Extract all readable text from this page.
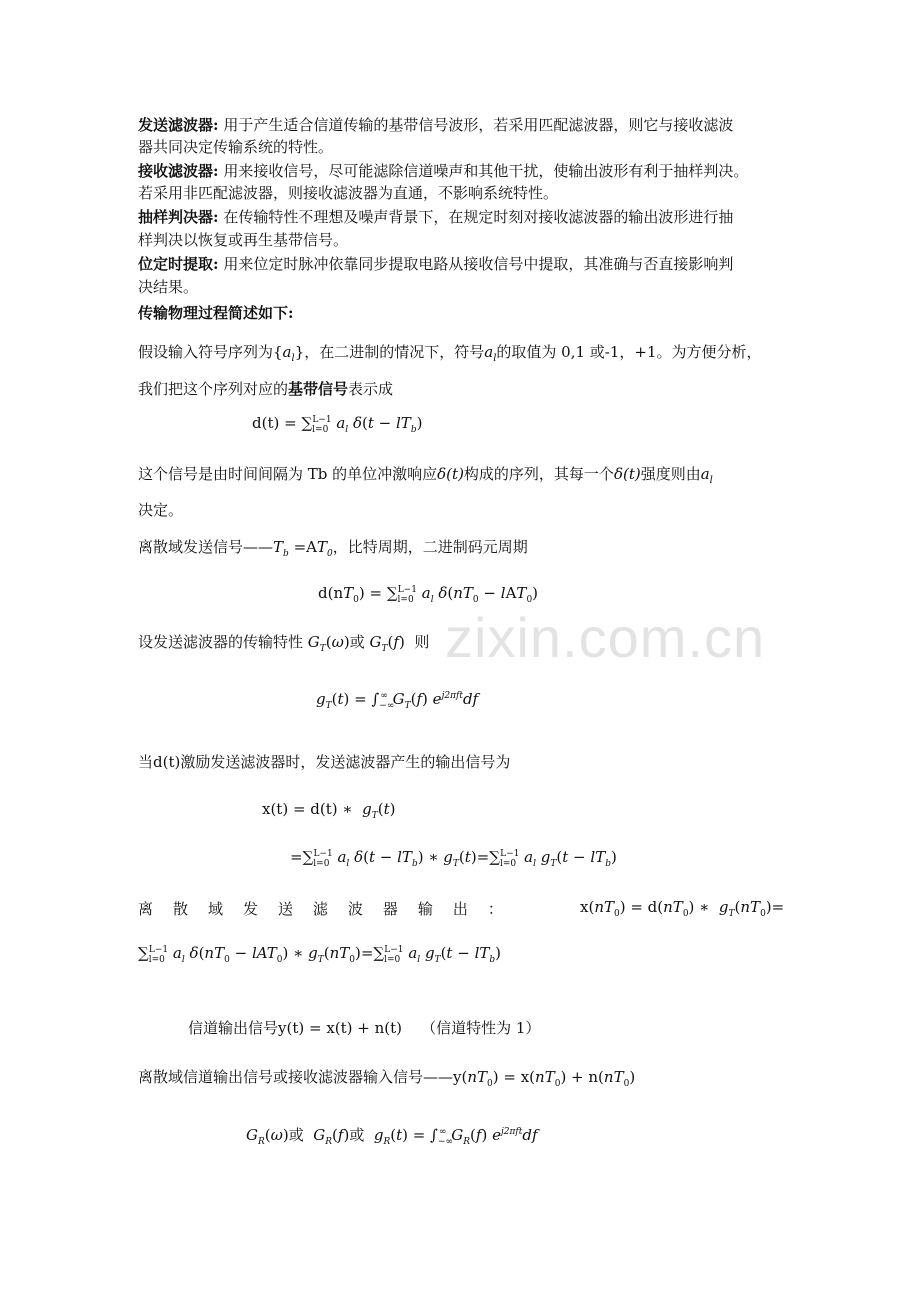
zixin.com.cn
发送滤波器: 用于产生适合信道传输的基带信号波形，若采用匹配滤波器，则它与接收滤波
器共同决定传输系统的特性。
接收滤波器: 用来接收信号，尽可能滤除信道噪声和其他干扰，使输出波形有利于抽样判决。
若采用非匹配滤波器，则接收滤波器为直通，不影响系统特性。
抽样判决器: 在传输特性不理想及噪声背景下，在规定时刻对接收滤波器的输出波形进行抽
样判决以恢复或再生基带信号。
位定时提取: 用来位定时脉冲依靠同步提取电路从接收信号中提取，其准确与否直接影响判
决结果。
传输物理过程简述如下:
假设输入符号序列为$\{a_l\}$，在二进制的情况下，符号$a_l$的取值为 0,1 或-1，+1。为方便分析，
我们把这个序列对应的基带信号表示成
$d(t) = \sum_{l=0}^{L-1}$ $a_l$ $\delta(t - lT_b)$
这个信号是由时间间隔为 Tb 的单位冲激响应δ(t)构成的序列，其每一个δ(t)强度则由$a_l$
决定。
离散域发送信号$——T_b =AT_0$，比特周期，二进制码元周期
$d(nT_0) = \sum_{l=0}^{L-1}$ $a_l$ $\delta(nT_0 - lAT_0)$
设发送滤波器的传输特性 $G_T(\omega)$或 $G_T(f)$  则
$g_T(t) = \int_{-\infty}^\infty$ $G_T(f)$ $e^{j2\pi ft}df$
当d(t)激励发送滤波器时，发送滤波器产生的输出信号为
x(t) = d(t) ∗  $g_T(t)$
$=\sum_{l=0}^{L-1}$ $a_l$ $\delta(t - lT_b)$ ∗ $g_T(t)=\sum_{l=0}^{L-1}$ $a_l$ $g_T(t - lT_b)$
离 散 域 发 送 滤 波 器 输 出 ：	$x(nT_0) = d(nT_0)$ ∗  $g_T(nT_0)=$
$\sum_{l=0}^{L-1}$ $a_l$ $\delta(nT_0 - lAT_0)$ ∗ $g_T(nT_0)=\sum_{l=0}^{L-1}$ $a_l$ $g_T(t - lT_b)$
信道输出信号y(t) = x(t) + n(t) （信道特性为 1）
离散域信道输出信号或接收滤波器输入信号$——y(nT_0) = x(nT_0) + n(nT_0)$
$G_R(\omega)$或 $G_R(f)$或 $g_R(t) = \int_{-\infty}^\infty$ $G_R(f)$ $e^{j2\pi ft}df$
